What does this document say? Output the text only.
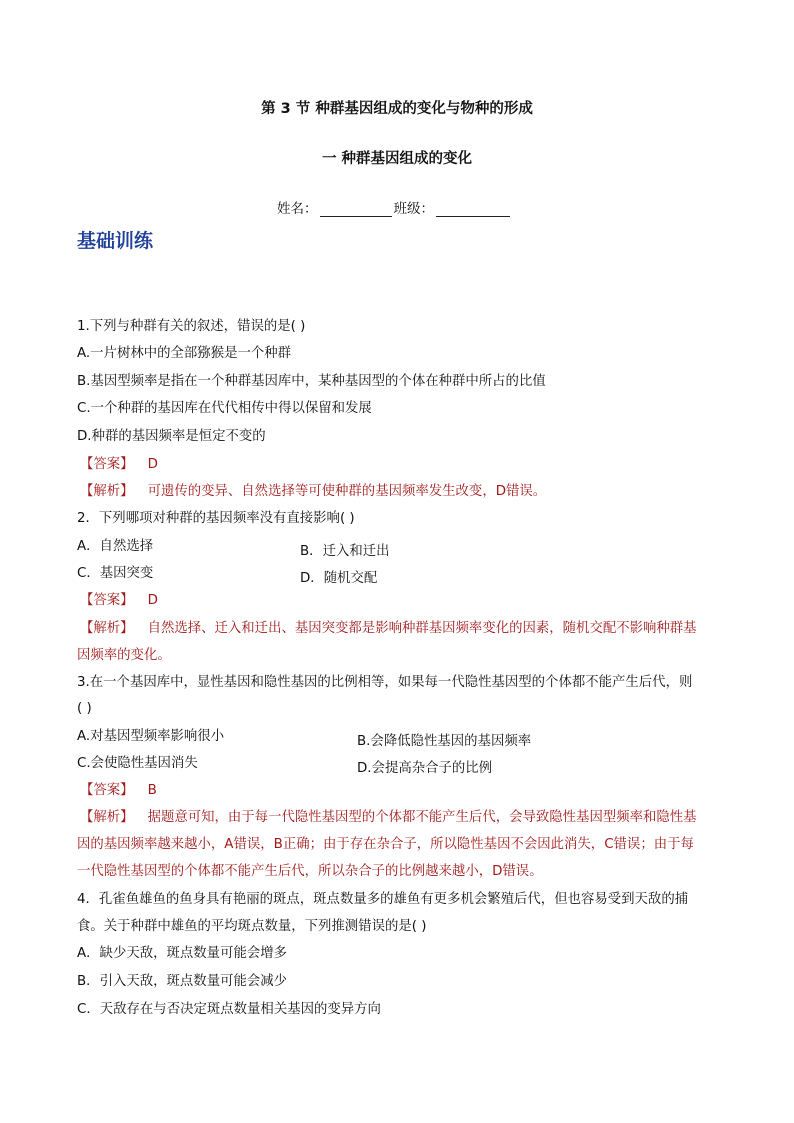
第 3 节 种群基因组成的变化与物种的形成
一 种群基因组成的变化
姓名：	班级：
基础训练
1.下列与种群有关的叙述，错误的是( )
A.一片树林中的全部猕猴是一个种群
B.基因型频率是指在一个种群基因库中，某种基因型的个体在种群中所占的比值
C.一个种群的基因库在代代相传中得以保留和发展
D.种群的基因频率是恒定不变的
【答案】 D
【解析】 可遗传的变异、自然选择等可使种群的基因频率发生改变，D错误。
2．下列哪项对种群的基因频率没有直接影响( )
A．自然选择	B．迁入和迁出
C．基因突变	D．随机交配
【答案】 D
【解析】 自然选择、迁入和迁出、基因突变都是影响种群基因频率变化的因素，随机交配不影响种群基
因频率的变化。
3.在一个基因库中，显性基因和隐性基因的比例相等，如果每一代隐性基因型的个体都不能产生后代，则
( )
A.对基因型频率影响很小	B.会降低隐性基因的基因频率
C.会使隐性基因消失	D.会提高杂合子的比例
【答案】 B
【解析】 据题意可知，由于每一代隐性基因型的个体都不能产生后代，会导致隐性基因型频率和隐性基
因的基因频率越来越小，A错误，B正确；由于存在杂合子，所以隐性基因不会因此消失，C错误；由于每
一代隐性基因型的个体都不能产生后代，所以杂合子的比例越来越小，D错误。
4．孔雀鱼雄鱼的鱼身具有艳丽的斑点，斑点数量多的雄鱼有更多机会繁殖后代，但也容易受到天敌的捕
食。关于种群中雄鱼的平均斑点数量，下列推测错误的是( )
A．缺少天敌，斑点数量可能会增多
B．引入天敌，斑点数量可能会减少
C．天敌存在与否决定斑点数量相关基因的变异方向
